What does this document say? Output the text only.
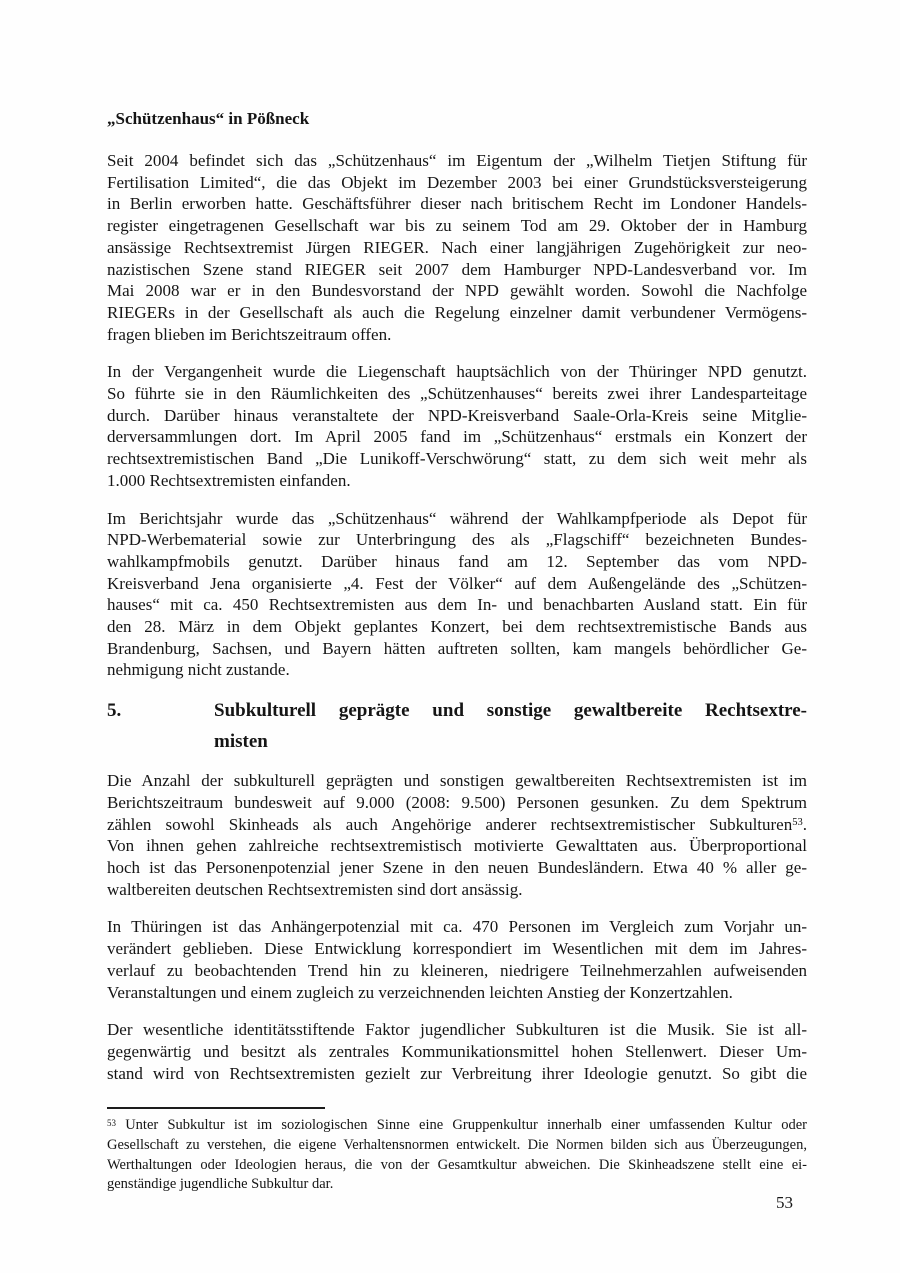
„Schützenhaus“ in Pößneck
Seit 2004 befindet sich das „Schützenhaus“ im Eigentum der „Wilhelm Tietjen Stiftung für
Fertilisation Limited“, die das Objekt im Dezember 2003 bei einer Grundstücksversteigerung
in Berlin erworben hatte. Geschäftsführer dieser nach britischem Recht im Londoner Handels-
register eingetragenen Gesellschaft war bis zu seinem Tod am 29. Oktober der in Hamburg
ansässige Rechtsextremist Jürgen RIEGER. Nach einer langjährigen Zugehörigkeit zur neo-
nazistischen Szene stand RIEGER seit 2007 dem Hamburger NPD-Landesverband vor. Im
Mai 2008 war er in den Bundesvorstand der NPD gewählt worden. Sowohl die Nachfolge
RIEGERs in der Gesellschaft als auch die Regelung einzelner damit verbundener Vermögens-
fragen blieben im Berichtszeitraum offen.
In der Vergangenheit wurde die Liegenschaft hauptsächlich von der Thüringer NPD genutzt.
So führte sie in den Räumlichkeiten des „Schützenhauses“ bereits zwei ihrer Landesparteitage
durch. Darüber hinaus veranstaltete der NPD-Kreisverband Saale-Orla-Kreis seine Mitglie-
derversammlungen dort. Im April 2005 fand im „Schützenhaus“ erstmals ein Konzert der
rechtsextremistischen Band „Die Lunikoff-Verschwörung“ statt, zu dem sich weit mehr als
1.000 Rechtsextremisten einfanden.
Im Berichtsjahr wurde das „Schützenhaus“ während der Wahlkampfperiode als Depot für
NPD-Werbematerial sowie zur Unterbringung des als „Flagschiff“ bezeichneten Bundes-
wahlkampfmobils genutzt. Darüber hinaus fand am 12. September das vom NPD-
Kreisverband Jena organisierte „4. Fest der Völker“ auf dem Außengelände des „Schützen-
hauses“ mit ca. 450 Rechtsextremisten aus dem In- und benachbarten Ausland statt. Ein für
den 28. März in dem Objekt geplantes Konzert, bei dem rechtsextremistische Bands aus
Brandenburg, Sachsen, und Bayern hätten auftreten sollten, kam mangels behördlicher Ge-
nehmigung nicht zustande.
5.	Subkulturell geprägte und sonstige gewaltbereite Rechtsextre-
misten
Die Anzahl der subkulturell geprägten und sonstigen gewaltbereiten Rechtsextremisten ist im
Berichtszeitraum bundesweit auf 9.000 (2008: 9.500) Personen gesunken. Zu dem Spektrum
zählen sowohl Skinheads als auch Angehörige anderer rechtsextremistischer Subkulturen$^{53}$.
Von ihnen gehen zahlreiche rechtsextremistisch motivierte Gewalttaten aus. Überproportional
hoch ist das Personenpotenzial jener Szene in den neuen Bundesländern. Etwa 40 % aller ge-
waltbereiten deutschen Rechtsextremisten sind dort ansässig.
In Thüringen ist das Anhängerpotenzial mit ca. 470 Personen im Vergleich zum Vorjahr un-
verändert geblieben. Diese Entwicklung korrespondiert im Wesentlichen mit dem im Jahres-
verlauf zu beobachtenden Trend hin zu kleineren, niedrigere Teilnehmerzahlen aufweisenden
Veranstaltungen und einem zugleich zu verzeichnenden leichten Anstieg der Konzertzahlen.
Der wesentliche identitätsstiftende Faktor jugendlicher Subkulturen ist die Musik. Sie ist all-
gegenwärtig und besitzt als zentrales Kommunikationsmittel hohen Stellenwert. Dieser Um-
stand wird von Rechtsextremisten gezielt zur Verbreitung ihrer Ideologie genutzt. So gibt die
$^{53}$ Unter Subkultur ist im soziologischen Sinne eine Gruppenkultur innerhalb einer umfassenden Kultur oder
Gesellschaft zu verstehen, die eigene Verhaltensnormen entwickelt. Die Normen bilden sich aus Überzeugungen,
Werthaltungen oder Ideologien heraus, die von der Gesamtkultur abweichen. Die Skinheadszene stellt eine ei-
genständige jugendliche Subkultur dar.
53
